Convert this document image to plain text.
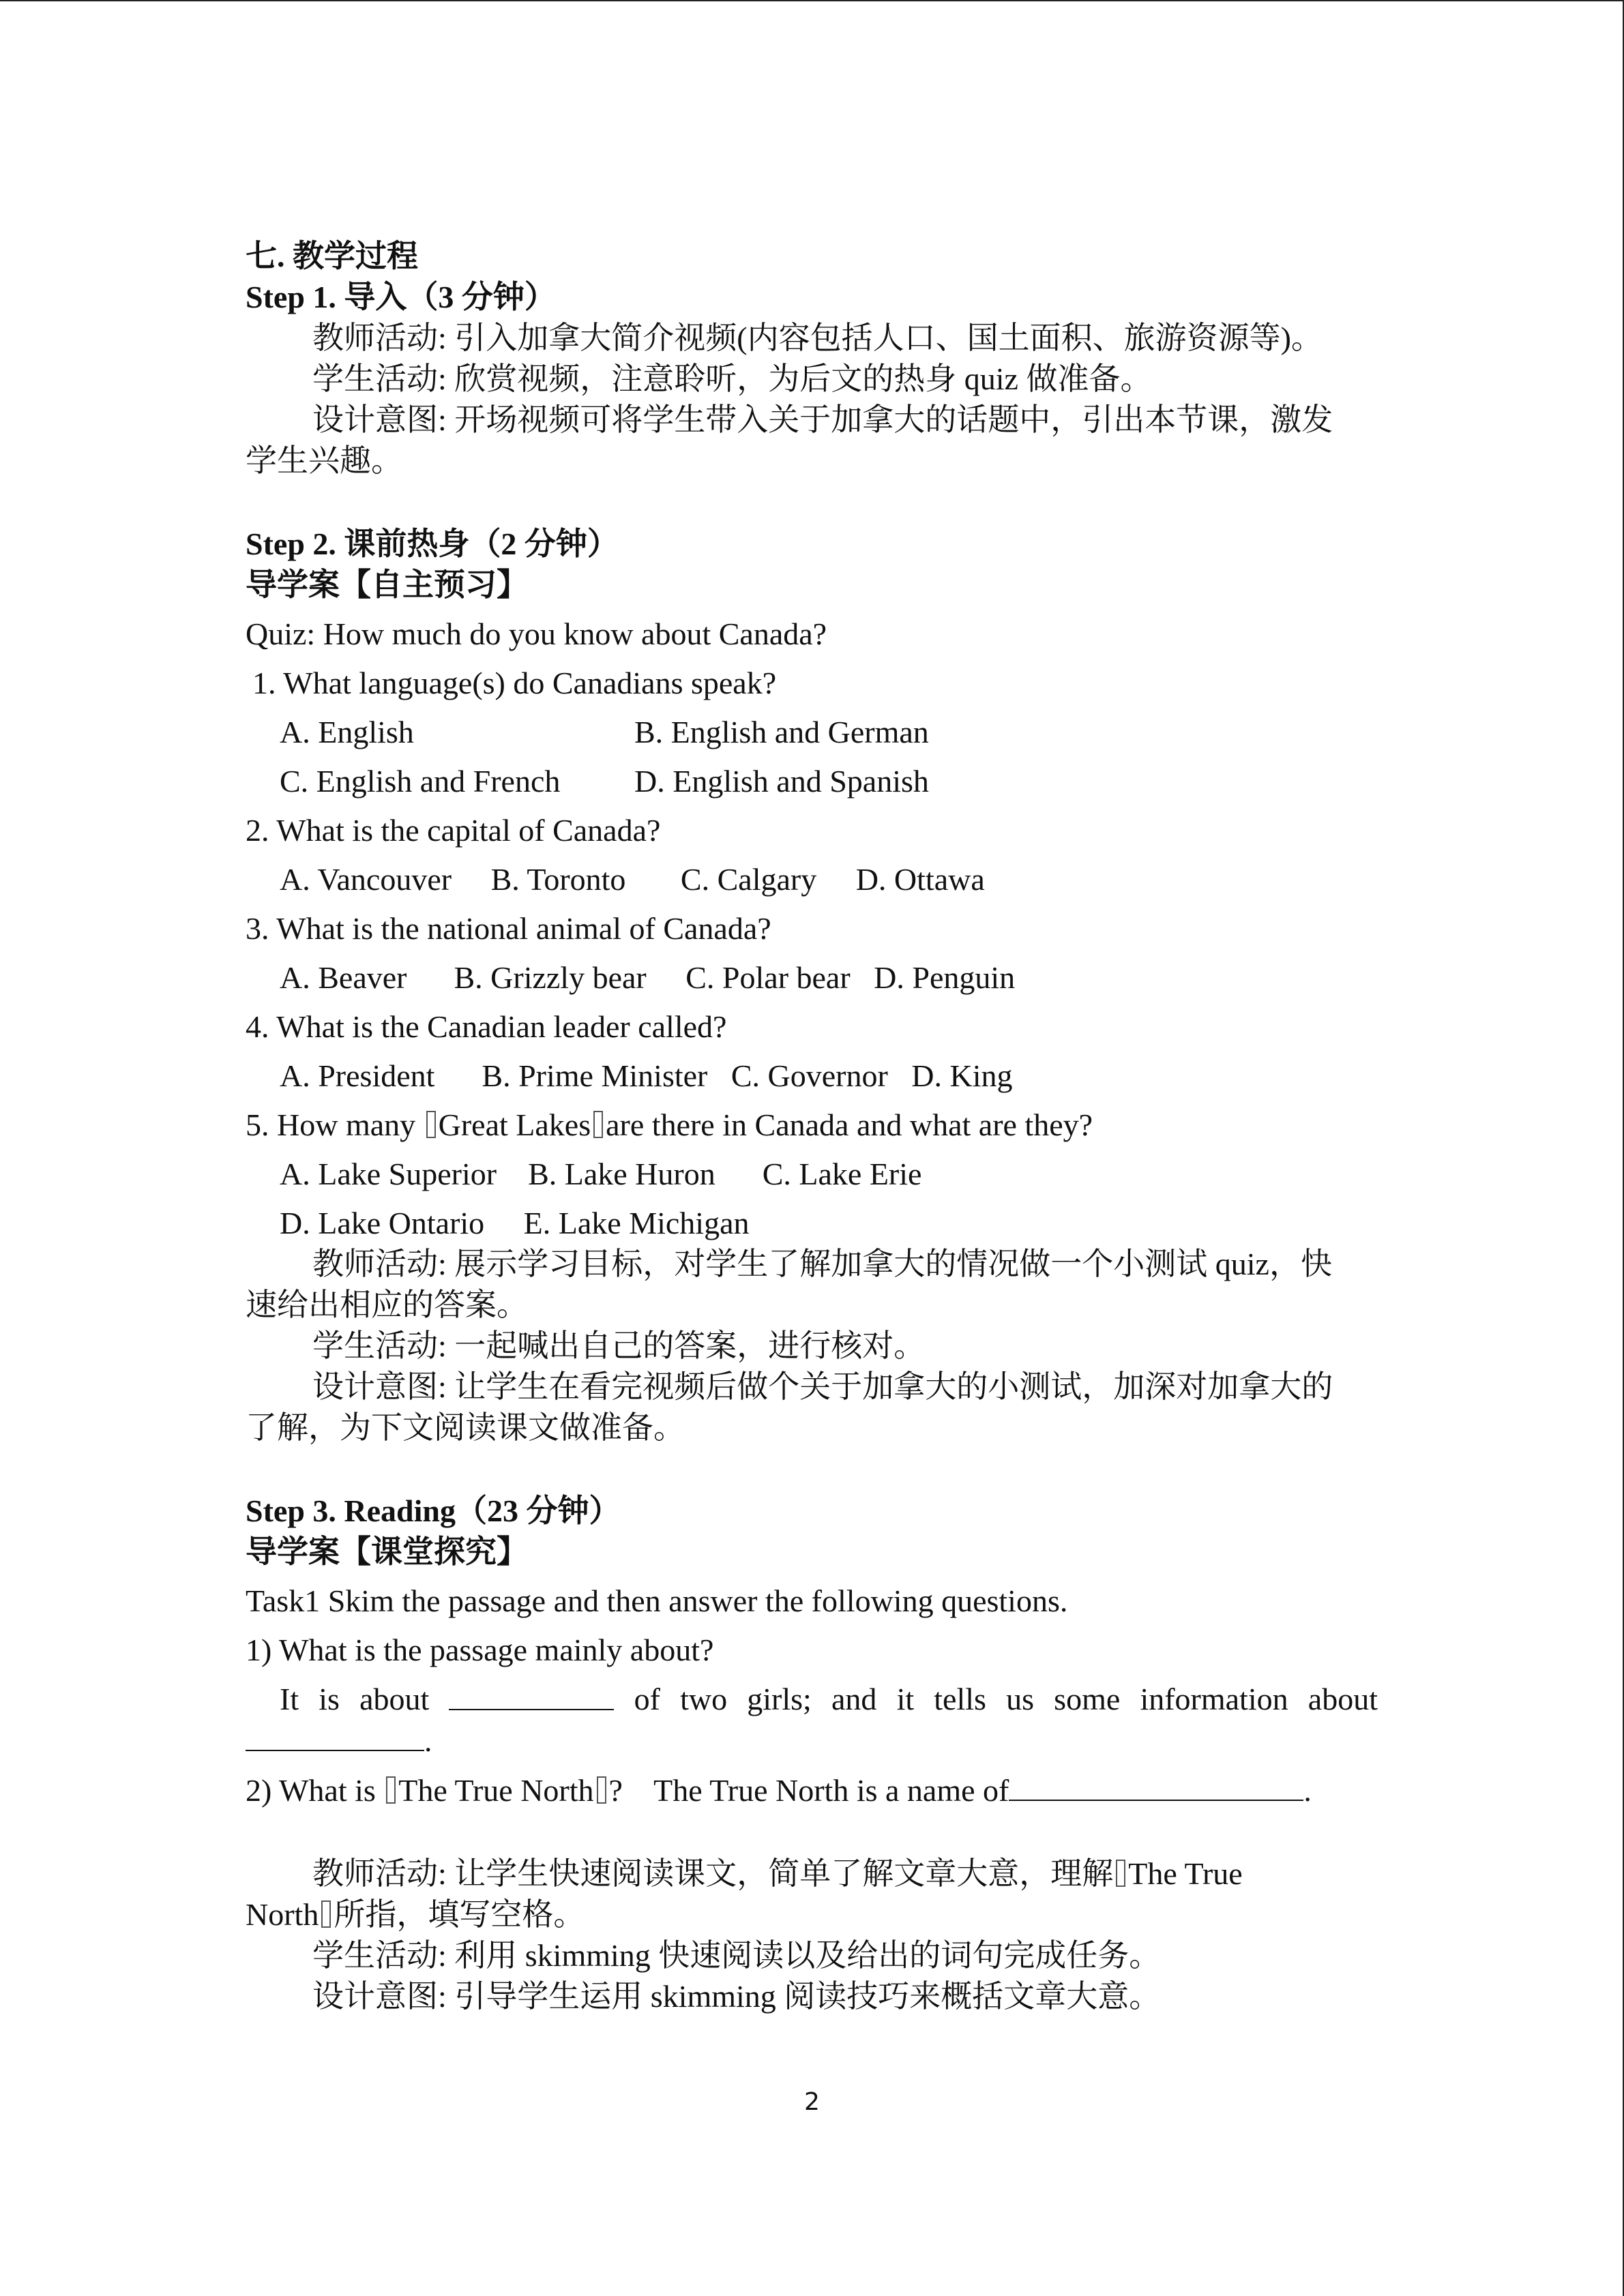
七. 教学过程
Step 1. 导入（3 分钟）
教师活动: 引入加拿大简介视频(内容包括人口、国土面积、旅游资源等)。
学生活动: 欣赏视频，注意聆听，为后文的热身 quiz 做准备。
设计意图: 开场视频可将学生带入关于加拿大的话题中，引出本节课，激发
学生兴趣。
Step 2. 课前热身（2 分钟）
导学案【自主预习】
Quiz: How much do you know about Canada?
1. What language(s) do Canadians speak?
A. English	B. English and German
C. English and French D. English and Spanish
2. What is the capital of Canada?
A. Vancouver     B. Toronto       C. Calgary     D. Ottawa
3. What is the national animal of Canada?
A. Beaver      B. Grizzly bear     C. Polar bear   D. Penguin
4. What is the Canadian leader called?
A. President      B. Prime Minister   C. Governor   D. King
5. How many Great Lakes are there in Canada and what are they?
A. Lake Superior    B. Lake Huron      C. Lake Erie
D. Lake Ontario     E. Lake Michigan
教师活动: 展示学习目标，对学生了解加拿大的情况做一个小测试 quiz，快
速给出相应的答案。
学生活动: 一起喊出自己的答案，进行核对。
设计意图: 让学生在看完视频后做个关于加拿大的小测试，加深对加拿大的
了解，为下文阅读课文做准备。
Step 3. Reading（23 分钟）
导学案【课堂探究】
Task1 Skim the passage and then answer the following questions.
1) What is the passage mainly about?
It is about	of two girls; and it tells us some information about
.
2) What is The True North ?    The True North is a name of	.
教师活动: 让学生快速阅读课文，简单了解文章大意，理解 The True
North 所指，填写空格。
学生活动: 利用 skimming 快速阅读以及给出的词句完成任务。
设计意图: 引导学生运用 skimming 阅读技巧来概括文章大意。
2
